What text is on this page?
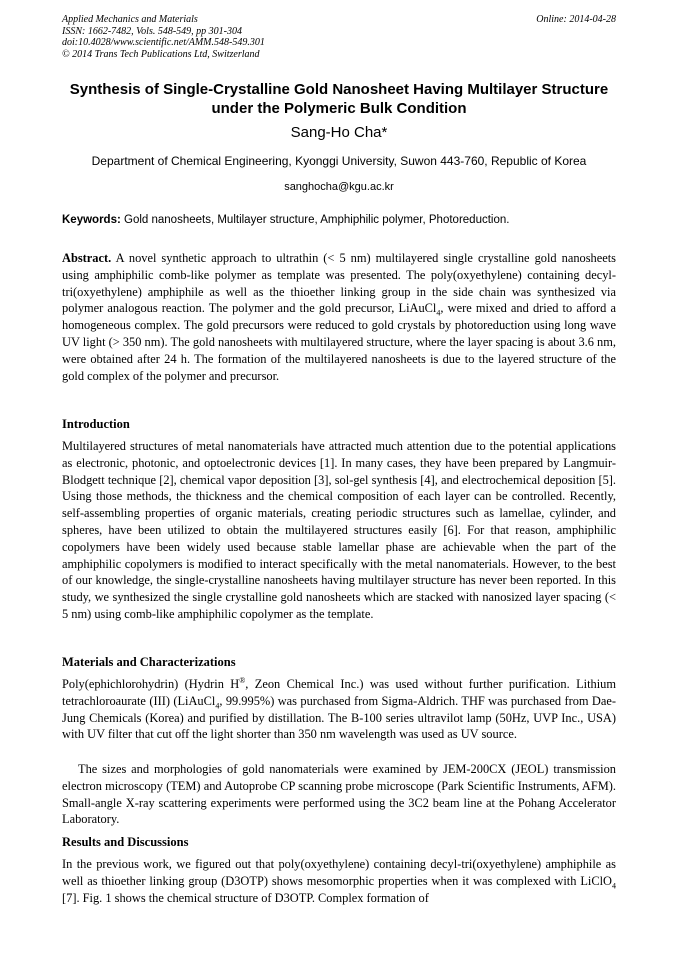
Applied Mechanics and Materials
ISSN: 1662-7482, Vols. 548-549, pp 301-304
doi:10.4028/www.scientific.net/AMM.548-549.301
© 2014 Trans Tech Publications Ltd, Switzerland
Online: 2014-04-28
Synthesis of Single-Crystalline Gold Nanosheet Having Multilayer Structure under the Polymeric Bulk Condition
Sang-Ho Cha*
Department of Chemical Engineering, Kyonggi University, Suwon 443-760, Republic of Korea
sanghocha@kgu.ac.kr
Keywords: Gold nanosheets, Multilayer structure, Amphiphilic polymer, Photoreduction.
Abstract. A novel synthetic approach to ultrathin (< 5 nm) multilayered single crystalline gold nanosheets using amphiphilic comb-like polymer as template was presented. The poly(oxyethylene) containing decyl-tri(oxyethylene) amphiphile as well as the thioether linking group in the side chain was synthesized via polymer analogous reaction. The polymer and the gold precursor, LiAuCl$_4$, were mixed and dried to afford a homogeneous complex. The gold precursors were reduced to gold crystals by photoreduction using long wave UV light (> 350 nm). The gold nanosheets with multilayered structure, where the layer spacing is about 3.6 nm, were obtained after 24 h. The formation of the multilayered nanosheets is due to the layered structure of the gold complex of the polymer and precursor.
Introduction
Multilayered structures of metal nanomaterials have attracted much attention due to the potential applications as electronic, photonic, and optoelectronic devices [1]. In many cases, they have been prepared by Langmuir-Blodgett technique [2], chemical vapor deposition [3], sol-gel synthesis [4], and electrochemical deposition [5]. Using those methods, the thickness and the chemical composition of each layer can be controlled. Recently, self-assembling properties of organic materials, creating periodic structures such as lamellae, cylinder, and spheres, have been utilized to obtain the multilayered structures easily [6]. For that reason, amphiphilic copolymers have been widely used because stable lamellar phase are achievable when the part of the amphiphilic copolymers is modified to interact specifically with the metal nanomaterials. However, to the best of our knowledge, the single-crystalline nanosheets having multilayer structure has never been reported. In this study, we synthesized the single crystalline gold nanosheets which are stacked with nanosized layer spacing (< 5 nm) using comb-like amphiphilic copolymer as the template.
Materials and Characterizations
Poly(ephichlorohydrin) (Hydrin H®, Zeon Chemical Inc.) was used without further purification. Lithium tetrachloroaurate (III) (LiAuCl$_4$, 99.995%) was purchased from Sigma-Aldrich. THF was purchased from Dae-Jung Chemicals (Korea) and purified by distillation. The B-100 series ultravilot lamp (50Hz, UVP Inc., USA) with UV filter that cut off the light shorter than 350 nm wavelength was used as UV source.
The sizes and morphologies of gold nanomaterials were examined by JEM-200CX (JEOL) transmission electron microscopy (TEM) and Autoprobe CP scanning probe microscope (Park Scientific Instruments, AFM). Small-angle X-ray scattering experiments were performed using the 3C2 beam line at the Pohang Accelerator Laboratory.
Results and Discussions
In the previous work, we figured out that poly(oxyethylene) containing decyl-tri(oxyethylene) amphiphile as well as thioether linking group (D3OTP) shows mesomorphic properties when it was complexed with LiClO$_4$ [7]. Fig. 1 shows the chemical structure of D3OTP. Complex formation of
